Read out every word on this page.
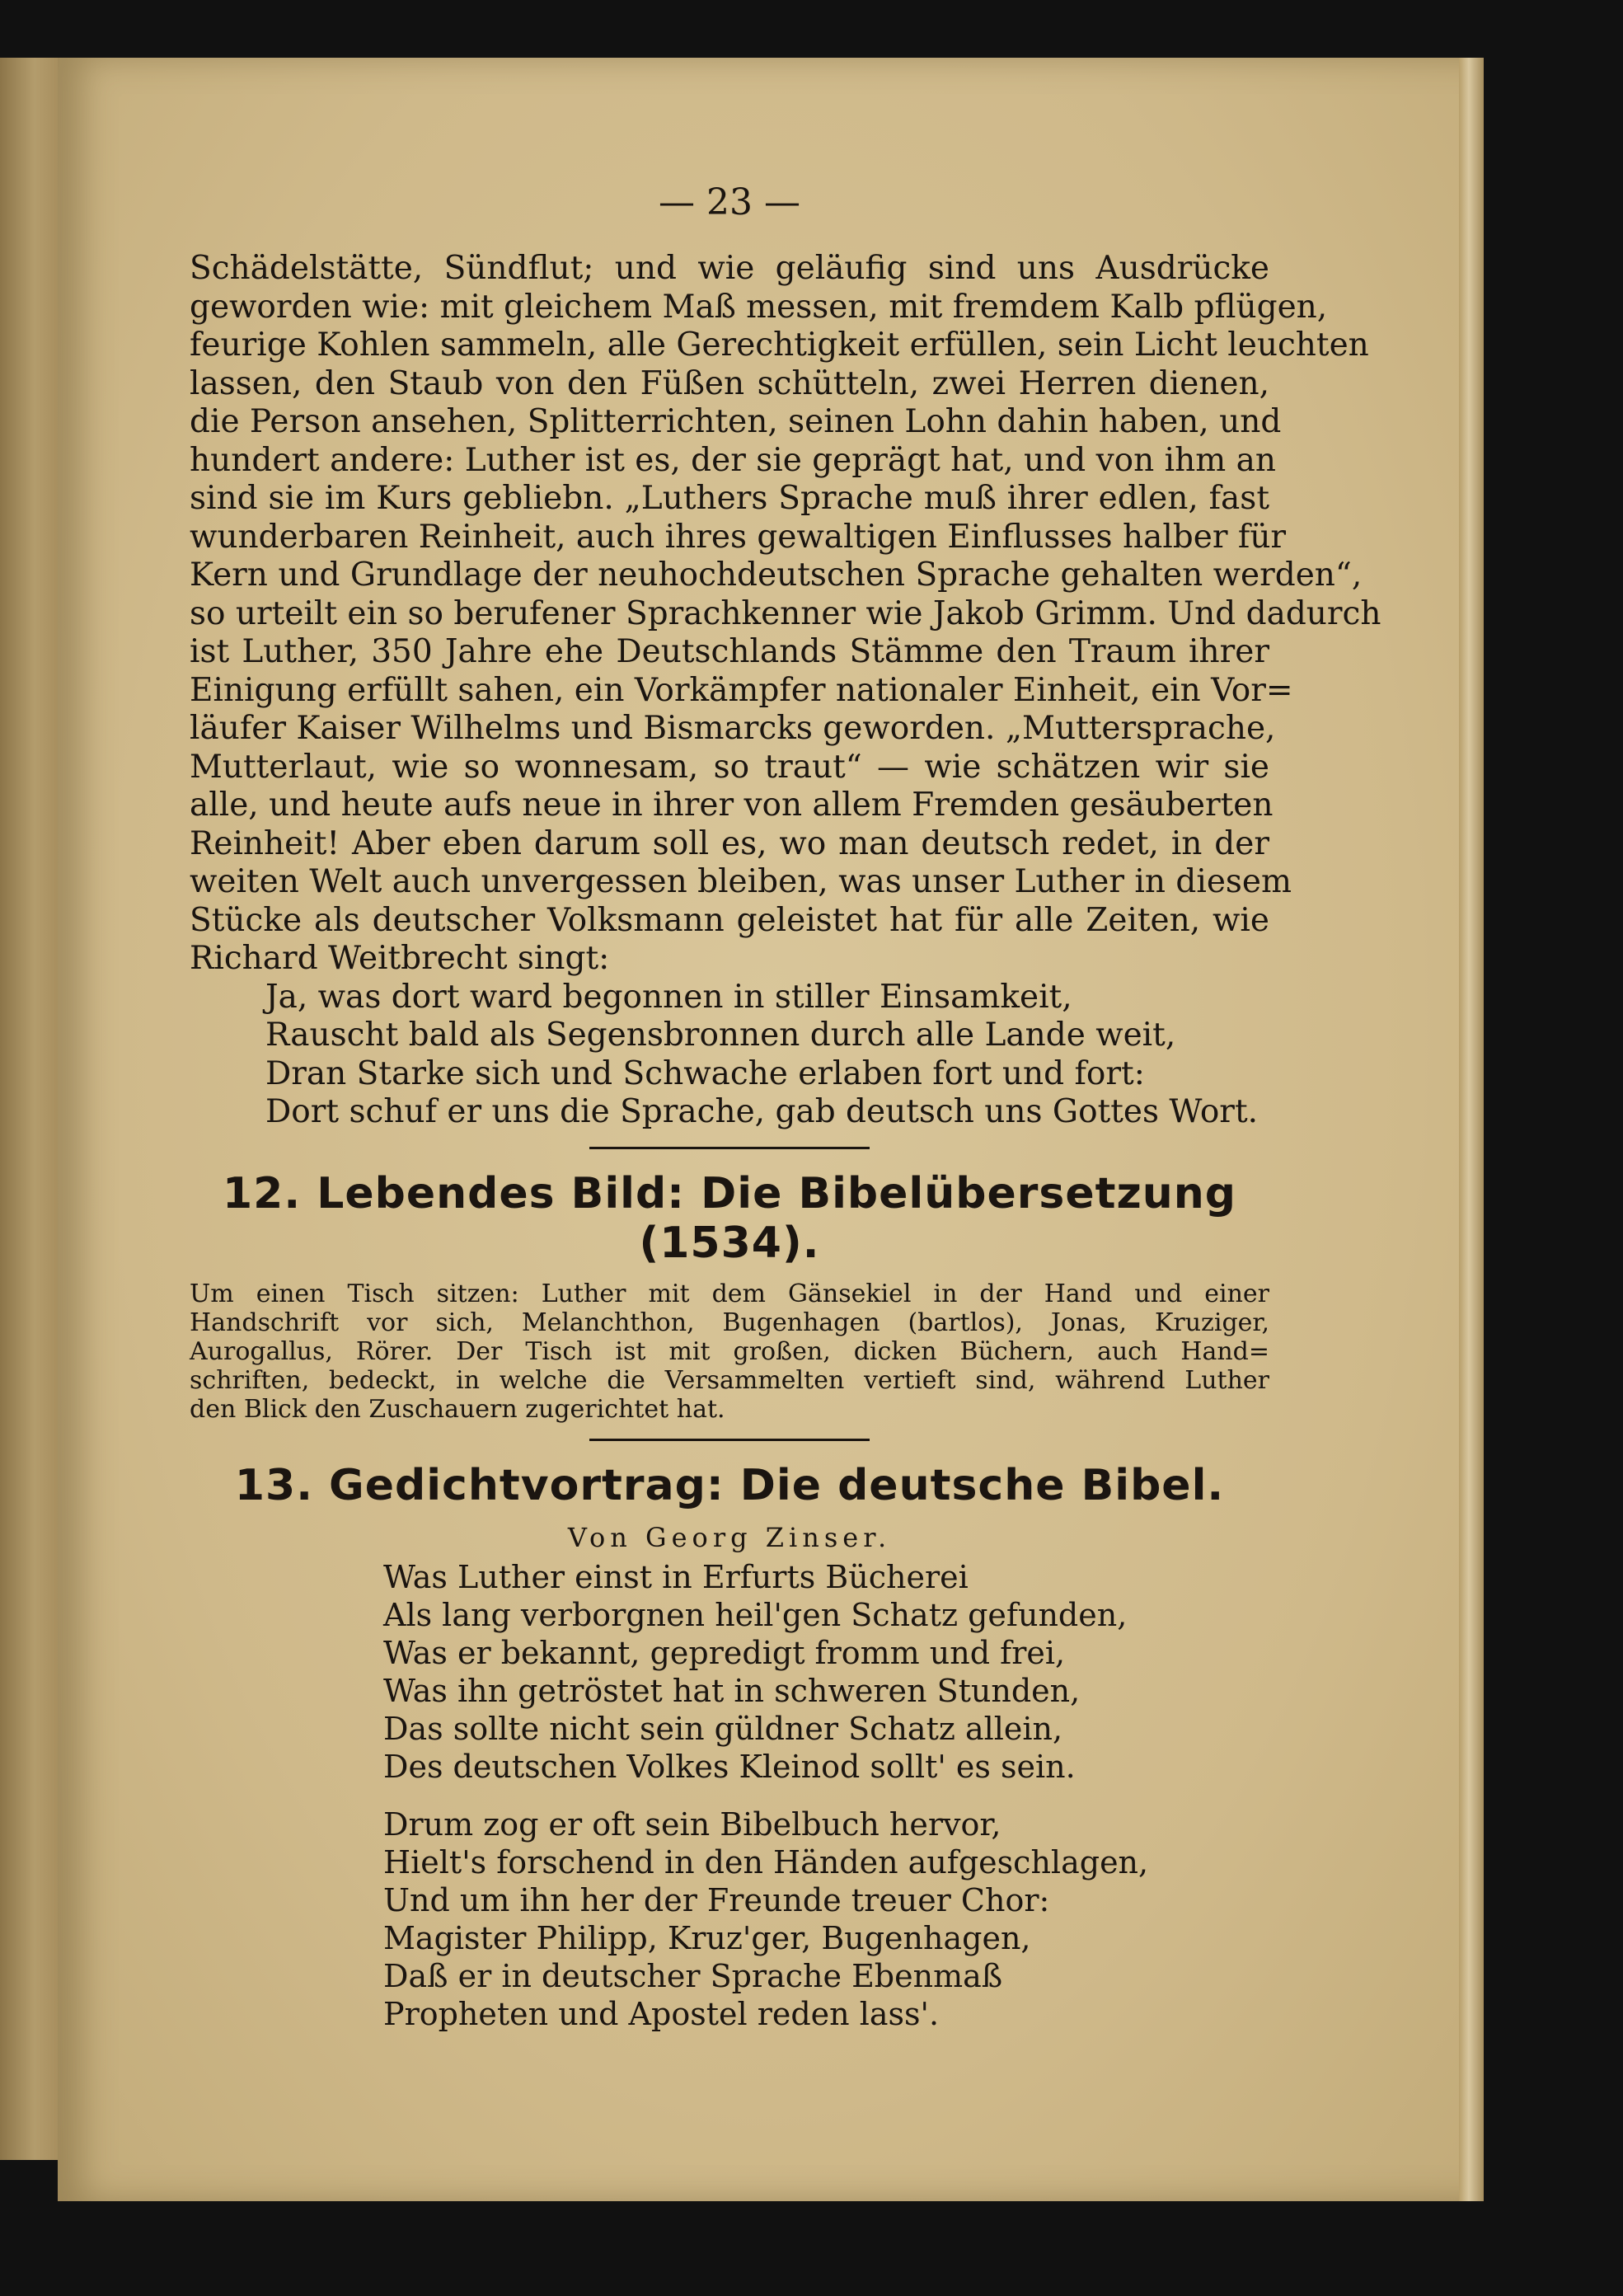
— 23 —

Schädelstätte, Sündflut; und wie geläufig sind uns Ausdrücke

geworden wie: mit gleichem Maß messen, mit fremdem Kalb pflügen,

feurige Kohlen sammeln, alle Gerechtigkeit erfüllen, sein Licht leuchten

lassen, den Staub von den Füßen schütteln, zwei Herren dienen,

die Person ansehen, Splitterrichten, seinen Lohn dahin haben, und

hundert andere: Luther ist es, der sie geprägt hat, und von ihm an

sind sie im Kurs gebliebn. „Luthers Sprache muß ihrer edlen, fast

wunderbaren Reinheit, auch ihres gewaltigen Einflusses halber für

Kern und Grundlage der neuhochdeutschen Sprache gehalten werden“,

so urteilt ein so berufener Sprachkenner wie Jakob Grimm. Und dadurch

ist Luther, 350 Jahre ehe Deutschlands Stämme den Traum ihrer

Einigung erfüllt sahen, ein Vorkämpfer nationaler Einheit, ein Vor=

läufer Kaiser Wilhelms und Bismarcks geworden. „Muttersprache,

Mutterlaut, wie so wonnesam, so traut“ — wie schätzen wir sie

alle, und heute aufs neue in ihrer von allem Fremden gesäuberten

Reinheit! Aber eben darum soll es, wo man deutsch redet, in der

weiten Welt auch unvergessen bleiben, was unser Luther in diesem

Stücke als deutscher Volksmann geleistet hat für alle Zeiten, wie

Richard Weitbrecht singt:

Ja, was dort ward begonnen in stiller Einsamkeit,

Rauscht bald als Segensbronnen durch alle Lande weit,

Dran Starke sich und Schwache erlaben fort und fort:

Dort schuf er uns die Sprache, gab deutsch uns Gottes Wort.

12. Lebendes Bild: Die Bibelübersetzung (1534).

Um einen Tisch sitzen: Luther mit dem Gänsekiel in der Hand und einer

Handschrift vor sich, Melanchthon, Bugenhagen (bartlos), Jonas, Kruziger,

Aurogallus, Rörer. Der Tisch ist mit großen, dicken Büchern, auch Hand=

schriften, bedeckt, in welche die Versammelten vertieft sind, während Luther

den Blick den Zuschauern zugerichtet hat.

13. Gedichtvortrag: Die deutsche Bibel.
Von Georg Zinser.

Was Luther einst in Erfurts Bücherei

Als lang verborgnen heil'gen Schatz gefunden,

Was er bekannt, gepredigt fromm und frei,

Was ihn getröstet hat in schweren Stunden,

Das sollte nicht sein güldner Schatz allein,

Des deutschen Volkes Kleinod sollt' es sein.

Drum zog er oft sein Bibelbuch hervor,

Hielt's forschend in den Händen aufgeschlagen,

Und um ihn her der Freunde treuer Chor:

Magister Philipp, Kruz'ger, Bugenhagen,

Daß er in deutscher Sprache Ebenmaß

Propheten und Apostel reden lass'.
